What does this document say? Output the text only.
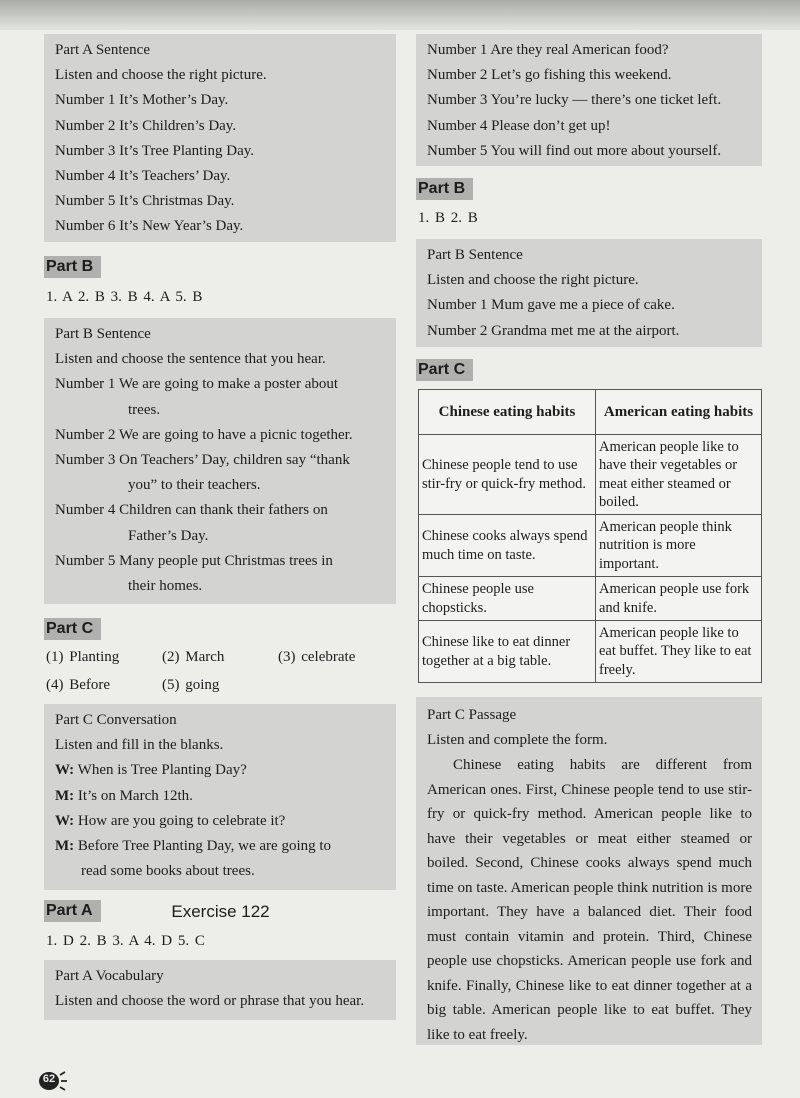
Part A Sentence
Listen and choose the right picture.
Number 1 It’s Mother’s Day.
Number 2 It’s Children’s Day.
Number 3 It’s Tree Planting Day.
Number 4 It’s Teachers’ Day.
Number 5 It’s Christmas Day.
Number 6 It’s New Year’s Day.
Part B
1. A 2. B 3. B 4. A 5. B
Part B Sentence
Listen and choose the sentence that you hear.
Number 1 We are going to make a poster about
trees.
Number 2 We are going to have a picnic together.
Number 3 On Teachers’ Day, children say “thank
you” to their teachers.
Number 4 Children can thank their fathers on
Father’s Day.
Number 5 Many people put Christmas trees in
their homes.
Part C
(1) Planting	(2) March	(3) celebrate
(4) Before	(5) going
Part C Conversation
Listen and fill in the blanks.
W: When is Tree Planting Day?
M: It’s on March 12th.
W: How are you going to celebrate it?
M: Before Tree Planting Day, we are going to
read some books about trees.
Exercise 122
Part A
1. D 2. B 3. A 4. D 5. C
Part A Vocabulary
Listen and choose the word or phrase that you hear.
Number 1 Are they real American food?
Number 2 Let’s go fishing this weekend.
Number 3 You’re lucky — there’s one ticket left.
Number 4 Please don’t get up!
Number 5 You will find out more about yourself.
Part B
1. B 2. B
Part B Sentence
Listen and choose the right picture.
Number 1 Mum gave me a piece of cake.
Number 2 Grandma met me at the airport.
Part C
Chinese eating habits	American eating habits
Chinese people tend to use stir-fry or quick-fry method.	American people like to have their vegetables or meat either steamed or boiled.
Chinese cooks always spend much time on taste.	American people think nutrition is more important.
Chinese people use chopsticks.	American people use fork and knife.
Chinese like to eat dinner together at a big table.	American people like to eat buffet. They like to eat freely.
Part C Passage
Listen and complete the form.
Chinese eating habits are different from American ones. First, Chinese people tend to use stir-fry or quick-fry method. American people like to have their vegetables or meat either steamed or boiled. Second, Chinese cooks always spend much time on taste. American people think nutrition is more important. They have a balanced diet. Their food must contain vitamin and protein. Third, Chinese people use chopsticks. American people use fork and knife. Finally, Chinese like to eat dinner together at a big table. American people like to eat buffet. They like to eat freely.
62
